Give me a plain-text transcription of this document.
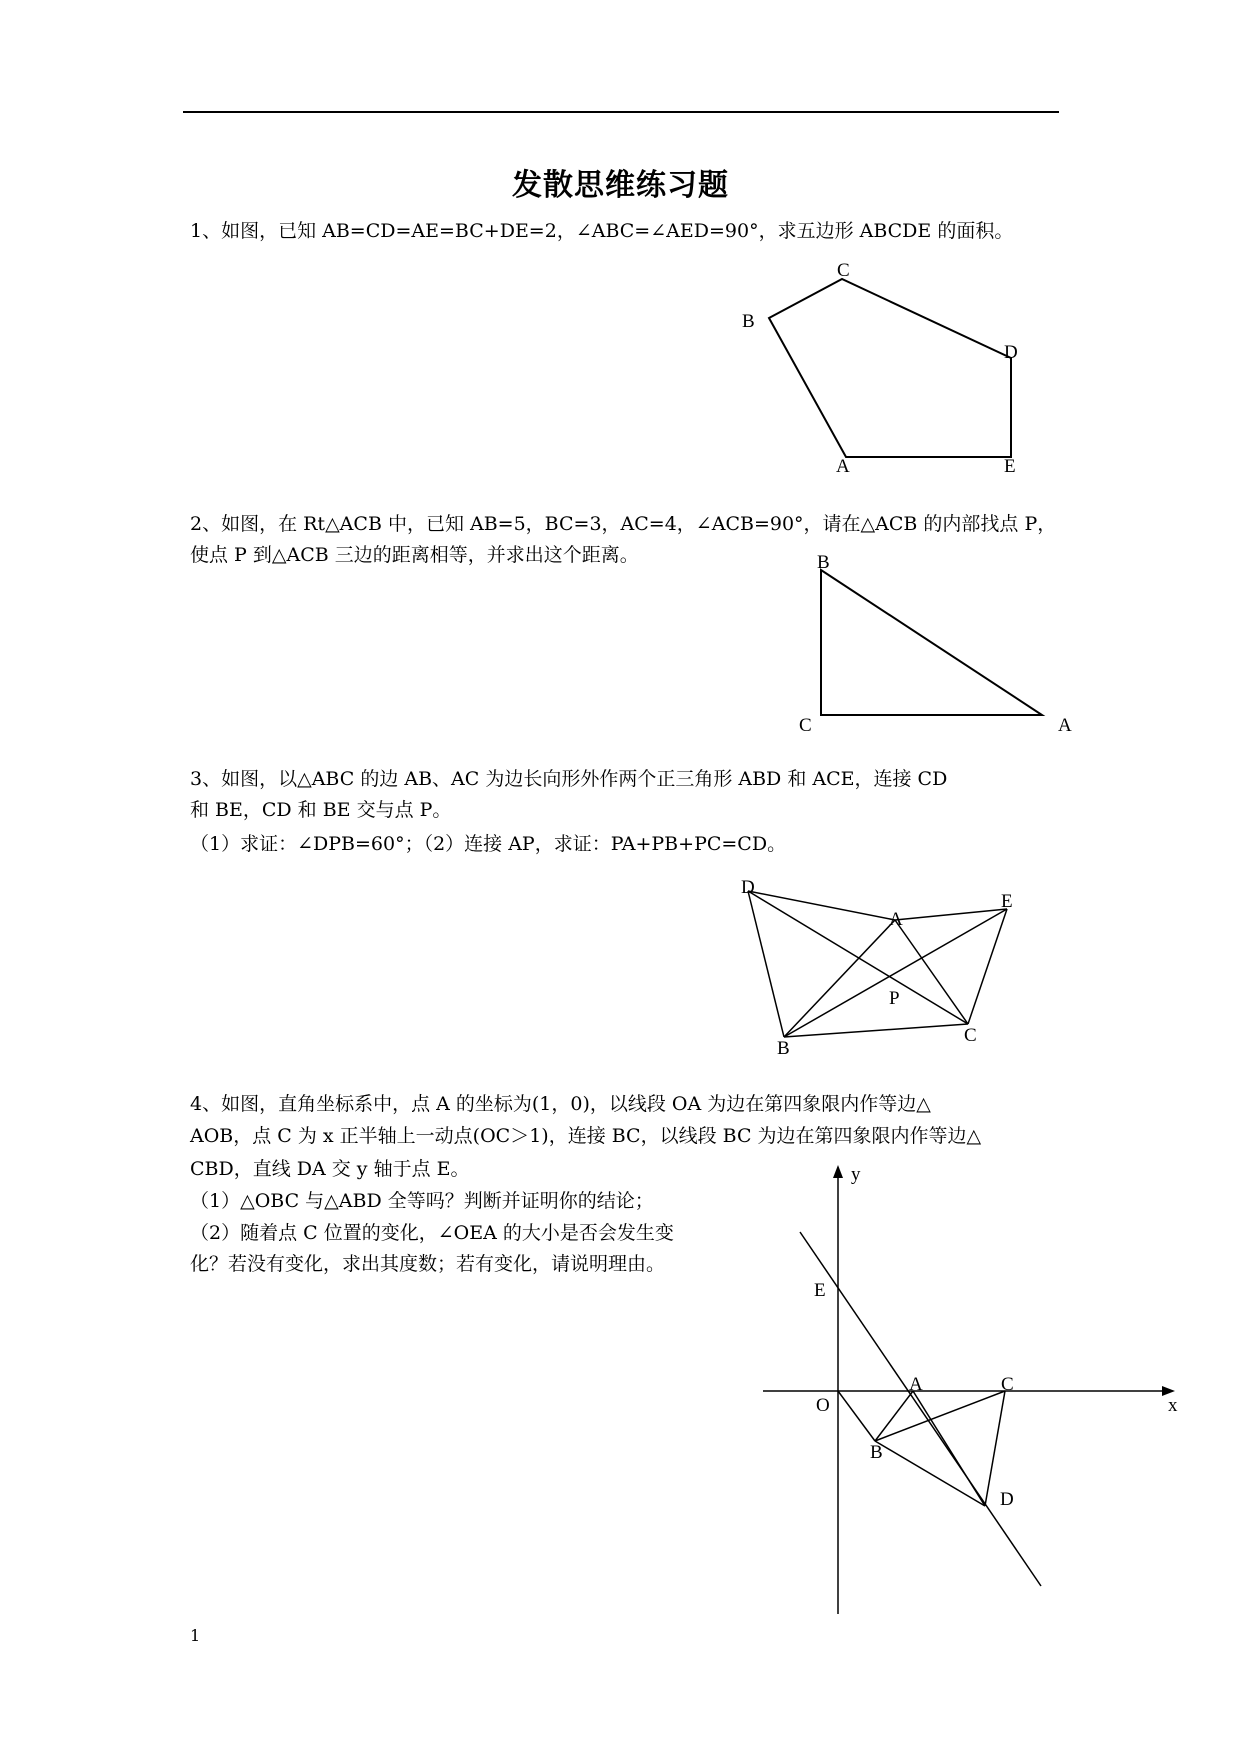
发散思维练习题
1、如图，已知 AB=CD=AE=BC+DE=2，∠ABC=∠AED=90°，求五边形 ABCDE 的面积。
C
B
D
A	E
2、如图，在 Rt△ACB 中，已知 AB=5，BC=3，AC=4，∠ACB=90°，请在△ACB 的内部找点 P，
使点 P 到△ACB 三边的距离相等，并求出这个距离。	B
C	A
3、如图，以△ABC 的边 AB、AC 为边长向形外作两个正三角形 ABD 和 ACE，连接 CD
和 BE，CD 和 BE 交与点 P。
（1）求证：∠DPB=60°；（2）连接 AP，求证：PA+PB+PC=CD。
D
E
A
P
C
B
4、如图，直角坐标系中，点 A 的坐标为(1，0)，以线段 OA 为边在第四象限内作等边△
AOB，点 C 为 x 正半轴上一动点(OC＞1)，连接 BC，以线段 BC 为边在第四象限内作等边△
CBD，直线 DA 交 y 轴于点 E。
（1）△OBC 与△ABD 全等吗？判断并证明你的结论；
（2）随着点 C 位置的变化，∠OEA 的大小是否会发生变
化？若没有变化，求出其度数；若有变化，请说明理由。
y
E
O
A	C
x
B
D
1
